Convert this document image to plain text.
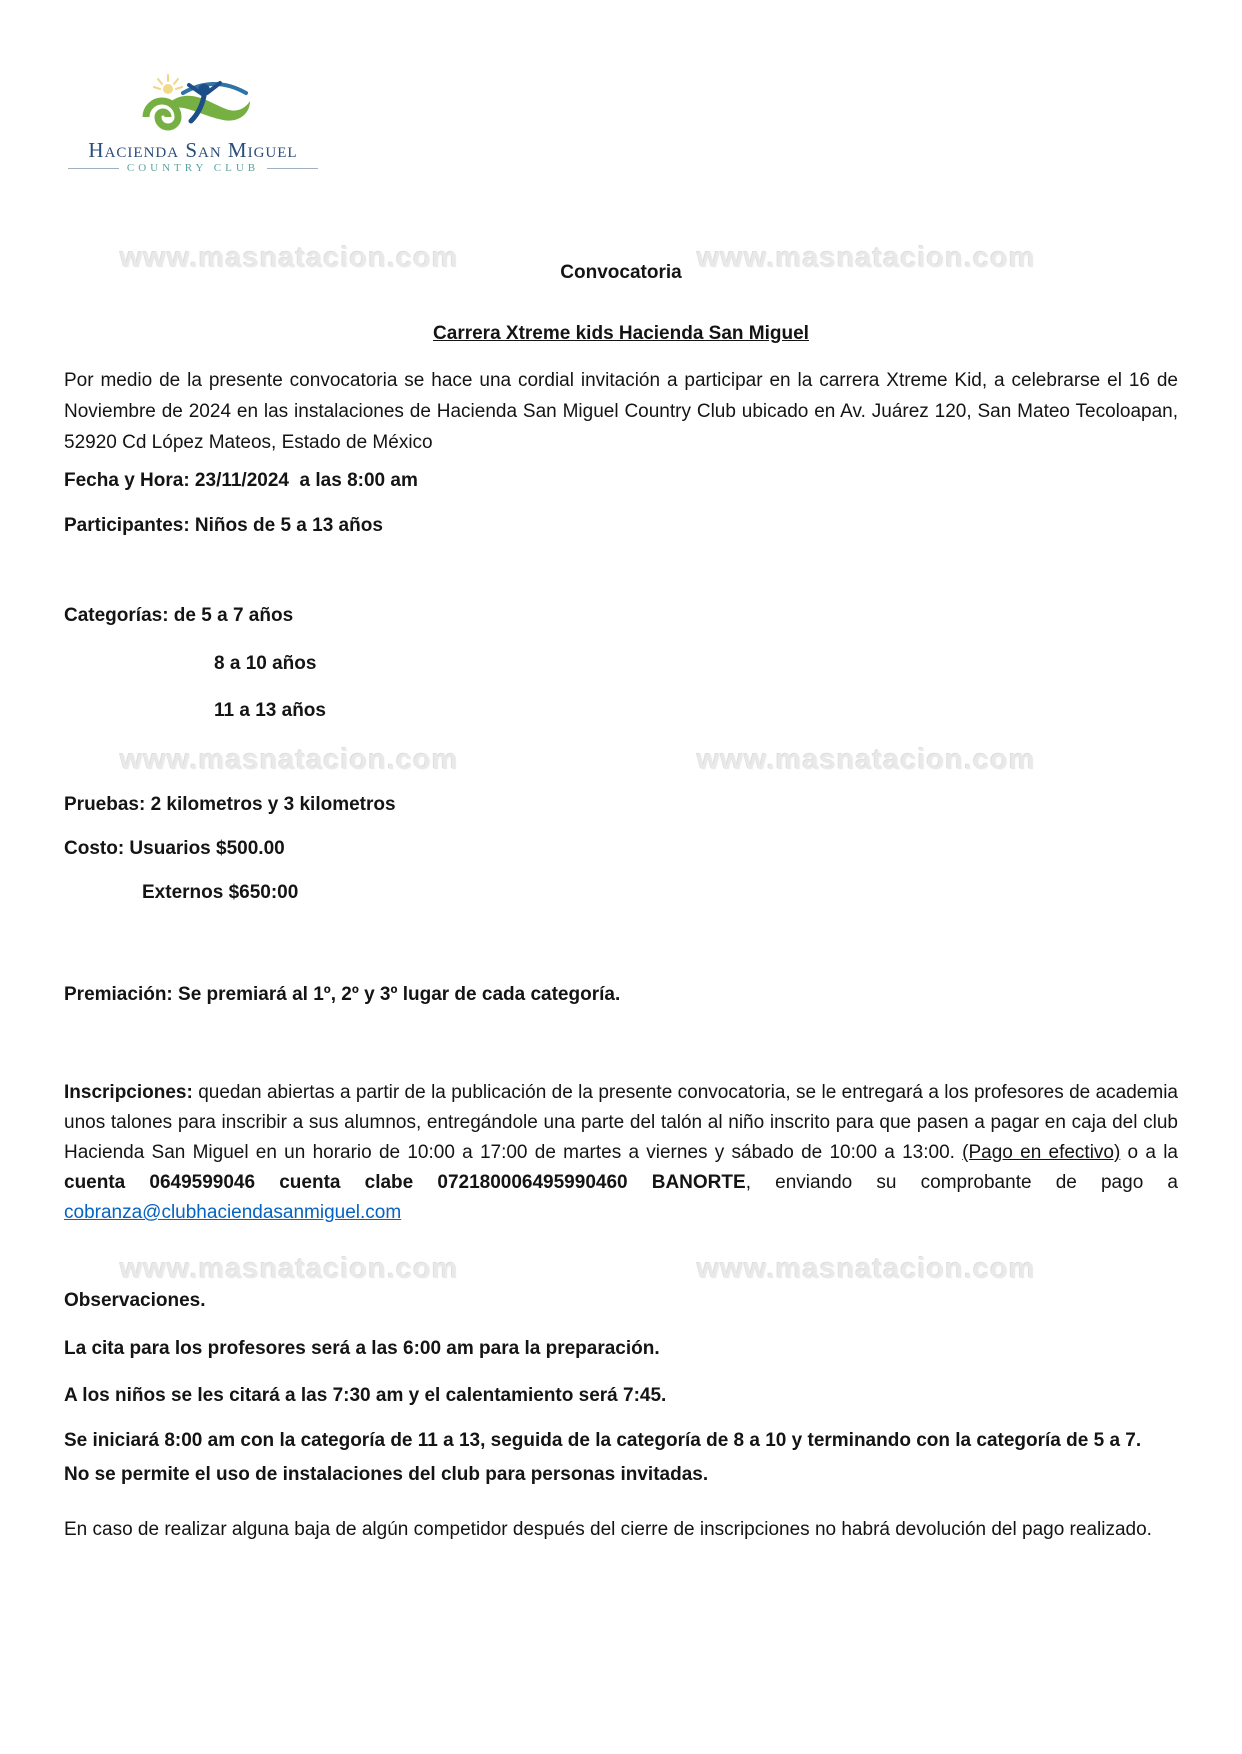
Hacienda San Miguel
COUNTRY CLUB
www.masnatacion.com	www.masnatacion.com
www.masnatacion.com	www.masnatacion.com
www.masnatacion.com	www.masnatacion.com

Convocatoria

Carrera Xtreme kids Hacienda San Miguel

Por medio de la presente convocatoria se hace una cordial invitación a participar en la carrera Xtreme Kid, a celebrarse el 16 de Noviembre de 2024 en las instalaciones de Hacienda San Miguel Country Club ubicado en Av. Juárez 120, San Mateo Tecoloapan, 52920 Cd López Mateos, Estado de México

Fecha y Hora: 23/11/2024  a las 8:00 am

Participantes: Niños de 5 a 13 años

Categorías: de 5 a 7 años

8 a 10 años

11 a 13 años

Pruebas: 2 kilometros y 3 kilometros

Costo: Usuarios $500.00

Externos $650:00

Premiación: Se premiará al 1º, 2º y 3º lugar de cada categoría.

Inscripciones: quedan abiertas a partir de la publicación de la presente convocatoria, se le entregará a los profesores de academia unos talones para inscribir a sus alumnos, entregándole una parte del talón al niño inscrito para que pasen a pagar en caja del club Hacienda San Miguel en un horario de 10:00 a 17:00 de martes a viernes y sábado de 10:00 a 13:00. (Pago en efectivo) o a la cuenta 0649599046 cuenta clabe 072180006495990460 BANORTE, enviando su comprobante de pago a cobranza@clubhaciendasanmiguel.com

Observaciones.

La cita para los profesores será a las 6:00 am para la preparación.

A los niños se les citará a las 7:30 am y el calentamiento será 7:45.

Se iniciará 8:00 am con la categoría de 11 a 13, seguida de la categoría de 8 a 10 y terminando con la categoría de 5 a 7.

No se permite el uso de instalaciones del club para personas invitadas.

En caso de realizar alguna baja de algún competidor después del cierre de inscripciones no habrá devolución del pago realizado.
